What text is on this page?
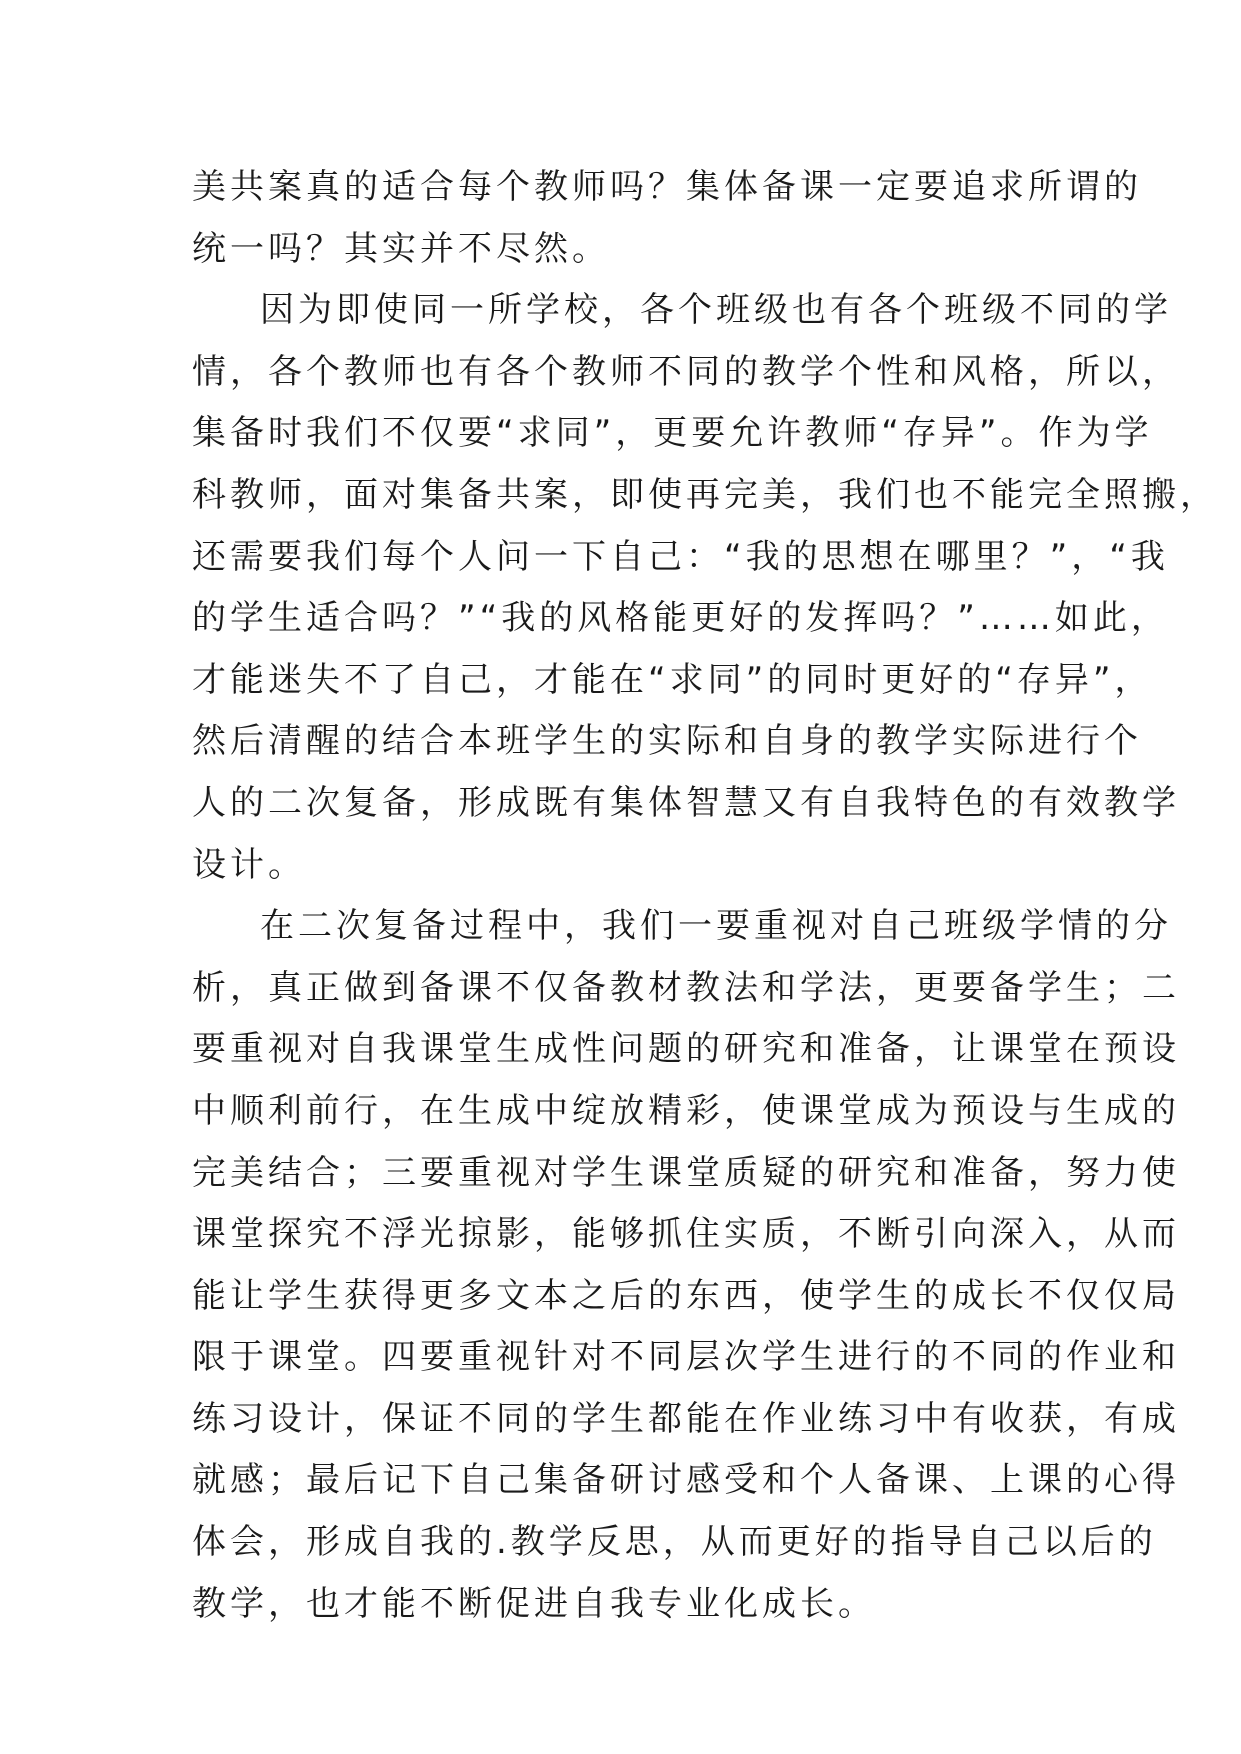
美共案真的适合每个教师吗？集体备课一定要追求所谓的
统一吗？其实并不尽然。
因为即使同一所学校，各个班级也有各个班级不同的学
情，各个教师也有各个教师不同的教学个性和风格，所以，
集备时我们不仅要“求同”，更要允许教师“存异”。作为学
科教师，面对集备共案，即使再完美，我们也不能完全照搬，
还需要我们每个人问一下自己：“我的思想在哪里？”，“我
的学生适合吗？”“我的风格能更好的发挥吗？”……如此，
才能迷失不了自己，才能在“求同”的同时更好的“存异”，
然后清醒的结合本班学生的实际和自身的教学实际进行个
人的二次复备，形成既有集体智慧又有自我特色的有效教学
设计。
在二次复备过程中，我们一要重视对自己班级学情的分
析，真正做到备课不仅备教材教法和学法，更要备学生；二
要重视对自我课堂生成性问题的研究和准备，让课堂在预设
中顺利前行，在生成中绽放精彩，使课堂成为预设与生成的
完美结合；三要重视对学生课堂质疑的研究和准备，努力使
课堂探究不浮光掠影，能够抓住实质，不断引向深入，从而
能让学生获得更多文本之后的东西，使学生的成长不仅仅局
限于课堂。四要重视针对不同层次学生进行的不同的作业和
练习设计，保证不同的学生都能在作业练习中有收获，有成
就感；最后记下自己集备研讨感受和个人备课、上课的心得
体会，形成自我的.教学反思，从而更好的指导自己以后的
教学，也才能不断促进自我专业化成长。
